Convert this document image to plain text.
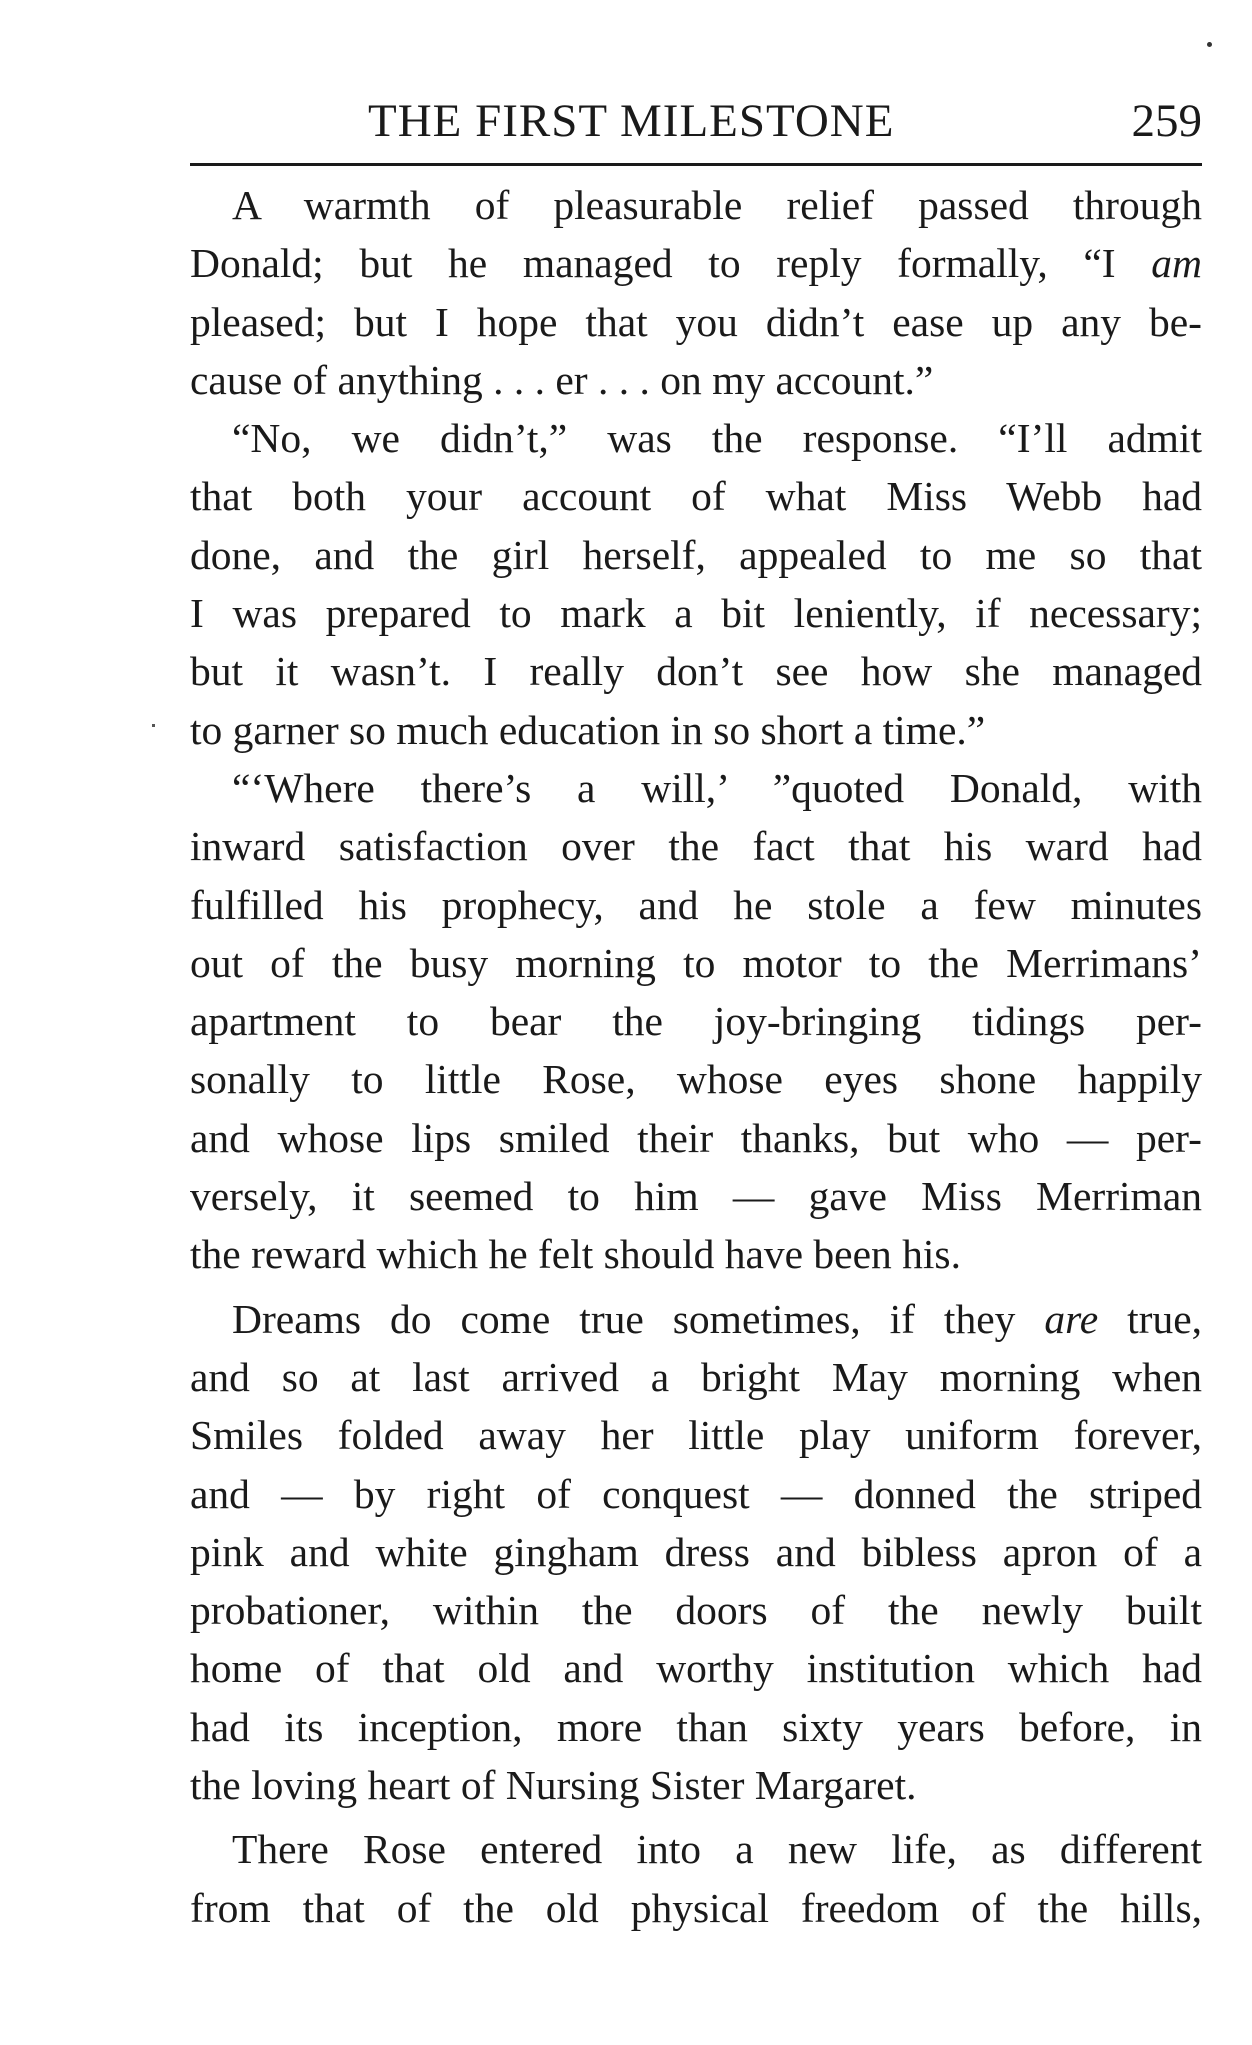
THE FIRST MILESTONE	259
A warmth of pleasurable relief passed through
Donald; but he managed to reply formally, “I am
pleased; but I hope that you didn’t ease up any be-
cause of anything . . . er . . . on my account.”
“No, we didn’t,” was the response. “I’ll admit
that both your account of what Miss Webb had
done, and the girl herself, appealed to me so that
I was prepared to mark a bit leniently, if necessary;
but it wasn’t. I really don’t see how she managed
to garner so much education in so short a time.”
“‘Where there’s a will,’ ”quoted Donald, with
inward satisfaction over the fact that his ward had
fulfilled his prophecy, and he stole a few minutes
out of the busy morning to motor to the Merrimans’
apartment to bear the joy-bringing tidings per-
sonally to little Rose, whose eyes shone happily
and whose lips smiled their thanks, but who — per-
versely, it seemed to him — gave Miss Merriman
the reward which he felt should have been his.
Dreams do come true sometimes, if they are true,
and so at last arrived a bright May morning when
Smiles folded away her little play uniform forever,
and — by right of conquest — donned the striped
pink and white gingham dress and bibless apron of a
probationer, within the doors of the newly built
home of that old and worthy institution which had
had its inception, more than sixty years before, in
the loving heart of Nursing Sister Margaret.
There Rose entered into a new life, as different
from that of the old physical freedom of the hills,
